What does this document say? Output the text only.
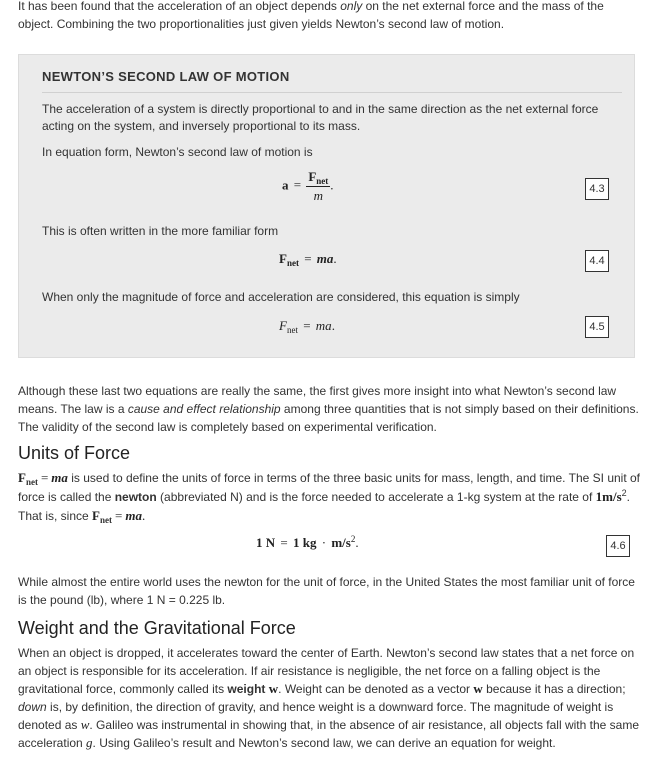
It has been found that the acceleration of an object depends only on the net external force and the mass of the object. Combining the two proportionalities just given yields Newton’s second law of motion.

NEWTON’S SECOND LAW OF MOTION

The acceleration of a system is directly proportional to and in the same direction as the net external force acting on the system, and inversely proportional to its mass.

In equation form, Newton’s second law of motion is

$a = \frac{F_{net}}{m}$ .	4.3

This is often written in the more familiar form

$F_{net}$ = ma.	4.4

When only the magnitude of force and acceleration are considered, this equation is simply

$F_{net}$ = ma.	4.5

Although these last two equations are really the same, the first gives more insight into what Newton’s second law means. The law is a cause and effect relationship among three quantities that is not simply based on their definitions. The validity of the second law is completely based on experimental verification.

Units of Force

$F_{net}$ = ma is used to define the units of force in terms of the three basic units for mass, length, and time. The SI unit of force is called the newton (abbreviated N) and is the force needed to accelerate a 1-kg system at the rate of $1m/s^2$. That is, since $F_{net}$ = ma.

1 N = 1 kg · $m/s^2$.	4.6

While almost the entire world uses the newton for the unit of force, in the United States the most familiar unit of force is the pound (lb), where 1 N = 0.225 lb.

Weight and the Gravitational Force

When an object is dropped, it accelerates toward the center of Earth. Newton’s second law states that a net force on an object is responsible for its acceleration. If air resistance is negligible, the net force on a falling object is the gravitational force, commonly called its weight w. Weight can be denoted as a vector w because it has a direction; down is, by definition, the direction of gravity, and hence weight is a downward force. The magnitude of weight is denoted as w. Galileo was instrumental in showing that, in the absence of air resistance, all objects fall with the same acceleration g. Using Galileo’s result and Newton’s second law, we can derive an equation for weight.
